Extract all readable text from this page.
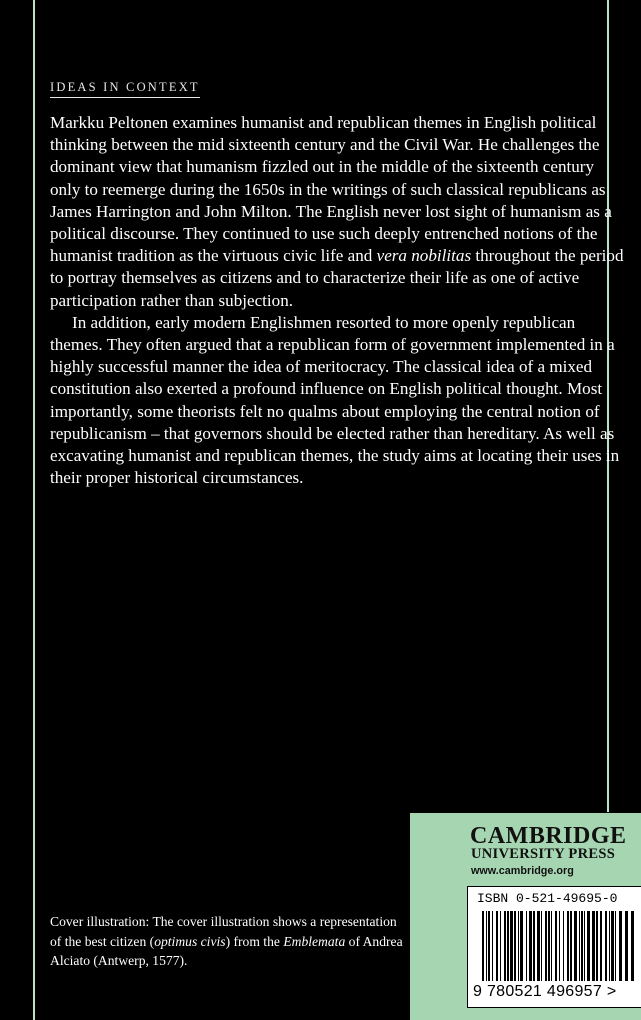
IDEAS IN CONTEXT

Markku Peltonen examines humanist and republican themes in English political thinking between the mid sixteenth century and the Civil War. He challenges the dominant view that humanism fizzled out in the middle of the sixteenth century only to reemerge during the 1650s in the writings of such classical republicans as James Harrington and John Milton. The English never lost sight of humanism as a political discourse. They continued to use such deeply entrenched notions of the humanist tradition as the virtuous civic life and vera nobilitas throughout the period to portray themselves as citizens and to characterize their life as one of active participation rather than subjection.

In addition, early modern Englishmen resorted to more openly republican themes. They often argued that a republican form of government implemented in a highly successful manner the idea of meritocracy. The classical idea of a mixed constitution also exerted a profound influence on English political thought. Most importantly, some theorists felt no qualms about employing the central notion of republicanism – that governors should be elected rather than hereditary. As well as excavating humanist and republican themes, the study aims at locating their uses in their proper historical circumstances.

Cover illustration: The cover illustration shows a representation of the best citizen (optimus civis) from the Emblemata of Andrea Alciato (Antwerp, 1577).
CAMBRIDGE
UNIVERSITY PRESS
www.cambridge.org
ISBN 0-521-49695-0
9 780521 496957 >
